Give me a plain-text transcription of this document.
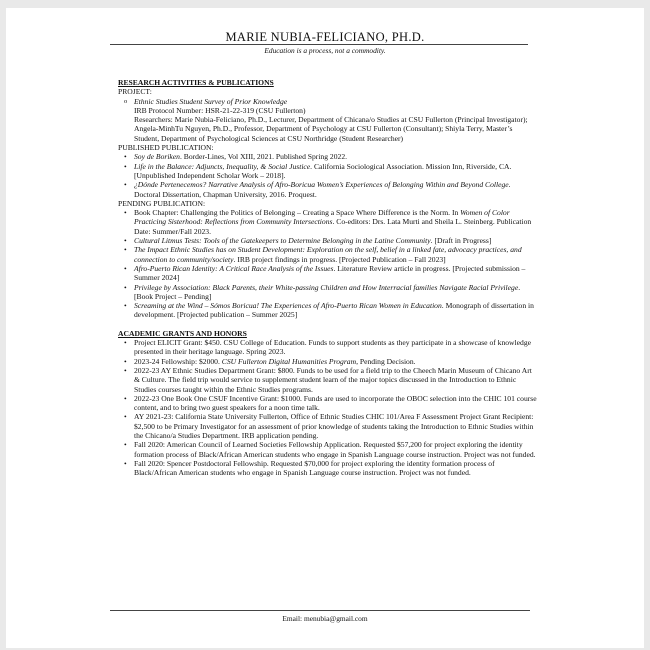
MARIE NUBIA-FELICIANO, PH.D.
Education is a process, not a commodity.
RESEARCH ACTIVITIES & PUBLICATIONS
PROJECT:
o Ethnic Studies Student Survey of Prior Knowledge
IRB Protocol Number: HSR-21-22-319 (CSU Fullerton)
Researchers: Marie Nubia-Feliciano, Ph.D., Lecturer, Department of Chicana/o Studies at CSU Fullerton (Principal Investigator); Angela-MinhTu Nguyen, Ph.D., Professor, Department of Psychology at CSU Fullerton (Consultant); Shiyla Terry, Master’s Student, Department of Psychological Sciences at CSU Northridge (Student Researcher)
PUBLISHED PUBLICATION:
• Soy de Boriken. Border-Lines, Vol XIII, 2021. Published Spring 2022.
• Life in the Balance: Adjuncts, Inequality, & Social Justice. California Sociological Association. Mission Inn, Riverside, CA. [Unpublished Independent Scholar Work – 2018].
• ¿Dónde Pertenecemos? Narrative Analysis of Afro-Boricua Women’s Experiences of Belonging Within and Beyond College. Doctoral Dissertation, Chapman University, 2016. Proquest.
PENDING PUBLICATION:
• Book Chapter: Challenging the Politics of Belonging – Creating a Space Where Difference is the Norm. In Women of Color Practicing Sisterhood: Reflections from Community Intersections. Co-editors: Drs. Lata Murti and Sheila L. Steinberg. Publication Date: Summer/Fall 2023.
• Cultural Litmus Tests: Tools of the Gatekeepers to Determine Belonging in the Latine Community. [Draft in Progress]
• The Impact Ethnic Studies has on Student Development: Exploration on the self, belief in a linked fate, advocacy practices, and connection to community/society. IRB project findings in progress. [Projected Publication – Fall 2023]
• Afro-Puerto Rican Identity: A Critical Race Analysis of the Issues. Literature Review article in progress. [Projected submission – Summer 2024]
• Privilege by Association: Black Parents, their White-passing Children and How Interracial families Navigate Racial Privilege. [Book Project – Pending]
• Screaming at the Wind – Sómos Boricua! The Experiences of Afro-Puerto Rican Women in Education. Monograph of dissertation in development. [Projected publication – Summer 2025]
ACADEMIC GRANTS AND HONORS
• Project ELICIT Grant: $450. CSU College of Education. Funds to support students as they participate in a showcase of knowledge presented in their heritage language. Spring 2023.
• 2023-24 Fellowship: $2000. CSU Fullerton Digital Humanities Program, Pending Decision.
• 2022-23 AY Ethnic Studies Department Grant: $800. Funds to be used for a field trip to the Cheech Marin Museum of Chicano Art & Culture. The field trip would service to supplement student learn of the major topics discussed in the Introduction to Ethnic Studies courses taught within the Ethnic Studies programs.
• 2022-23 One Book One CSUF Incentive Grant: $1000. Funds are used to incorporate the OBOC selection into the CHIC 101 course content, and to bring two guest speakers for a noon time talk.
• AY 2021-23: California State University Fullerton, Office of Ethnic Studies CHIC 101/Area F Assessment Project Grant Recipient: $2,500 to be Primary Investigator for an assessment of prior knowledge of students taking the Introduction to Ethnic Studies within the Chicano/a Studies Department. IRB application pending.
• Fall 2020: American Council of Learned Societies Fellowship Application. Requested $57,200 for project exploring the identity formation process of Black/African American students who engage in Spanish Language course instruction. Project was not funded.
• Fall 2020: Spencer Postdoctoral Fellowship. Requested $70,000 for project exploring the identity formation process of Black/African American students who engage in Spanish Language course instruction. Project was not funded.
Email: menubia@gmail.com
